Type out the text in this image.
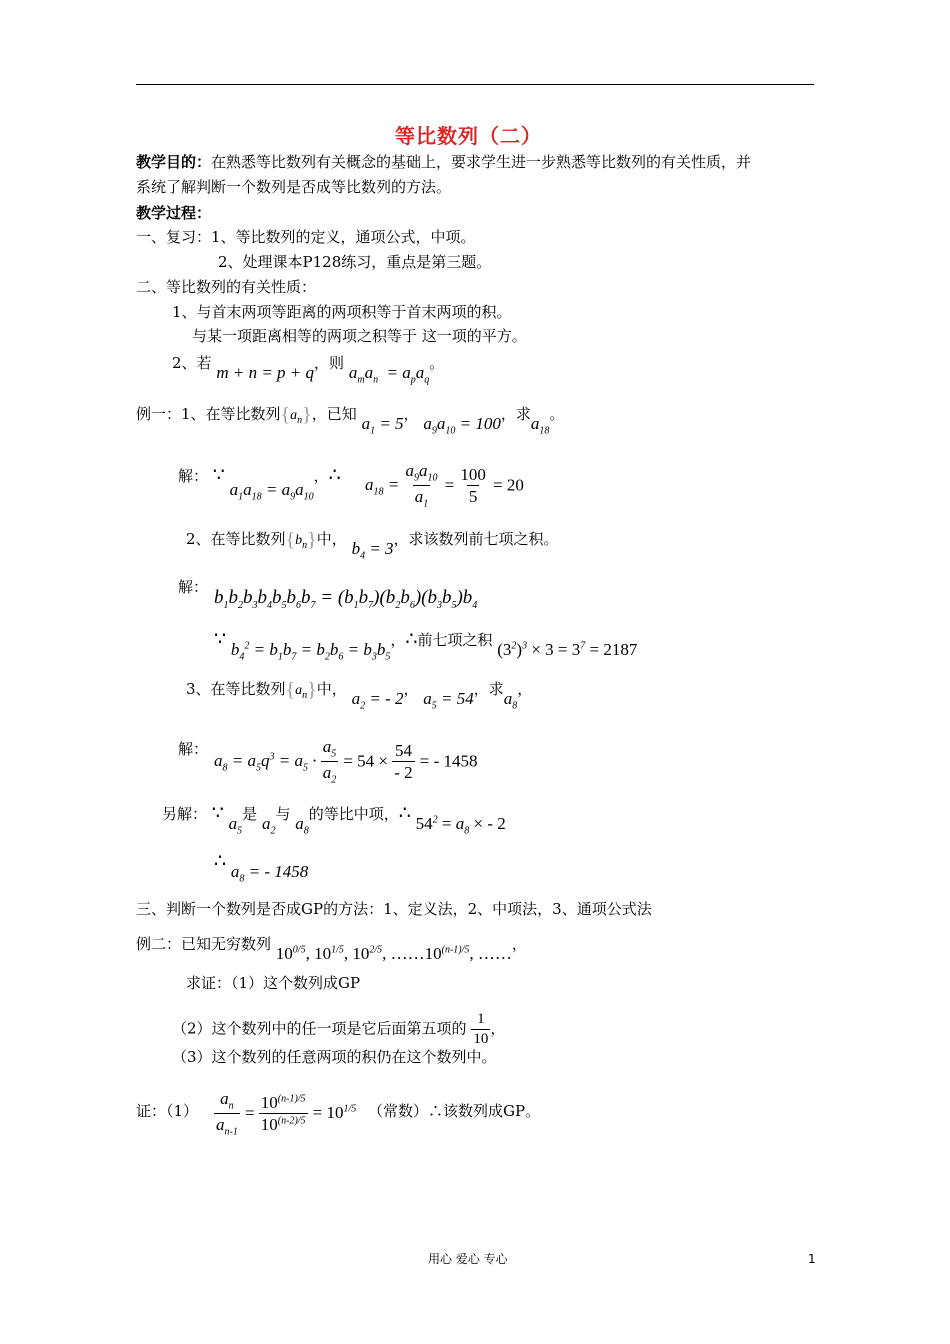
等比数列（二）
教学目的：在熟悉等比数列有关概念的基础上，要求学生进一步熟悉等比数列的有关性质，并
系统了解判断一个数列是否成等比数列的方法。
教学过程：
一、复习：1、等比数列的定义，通项公式，中项。
2、处理课本P128练习，重点是第三题。
二、等比数列的有关性质：
1、与首末两项等距离的两项积等于首末两项的积。
与某一项距离相等的两项之积等于 这一项的平方。
2、若 m + n = p + q，则 $a_ma_n = a_pa_q$。
例一：1、在等比数列 { $a_n$ } ，已知 $a_1 = 5$， $a_9a_{10} = 100$，求$a_{18}$。
解： ∵ $a_1a_{18} = a_9a_{10}$，∴ $a_{18} = \frac{a_9a_{10}}{a_1} = \frac{100}{5} = 20$
2、在等比数列 { $b_n$ } 中， $b_4 = 3$，求该数列前七项之积。
解： $b_1b_2b_3b_4b_5b_6b_7 = (b_1b_7)(b_2b_6)(b_3b_5)b_4$
∵ $b_4^2 = b_1b_7 = b_2b_6 = b_3b_5$，∴前七项之积 $(3^2)^3 \times 3 = 3^7 = 2187$
3、在等比数列 { $a_n$ } 中， $a_2$ = - 2， $a_5 = 54$，求$a_8$，
解：
$a_8 = a_5q^3 = a_5 \cdot \frac{a_5}{a_2} = 54 \times \frac{54}{- 2}$ = - 1458
另解： ∵ $a_5$是 $a_2$与 $a_8$的等比中项，∴ $54^2 = a_8$ × - 2
∴ $a_8$ = - 1458
三、判断一个数列是否成GP的方法：1、定义法，2、中项法，3、通项公式法
例二：已知无穷数列 $10^{0/5}$, $10^{1/5}$, $10^{2/5}$, $\dots\dots 10^{(n-1)/5}$, ……，
求证：（1）这个数列成GP
（2）这个数列中的任一项是它后面第五项的 $\frac{1}{10}$ ，
（3）这个数列的任意两项的积仍在这个数列中。
证：$(1) \frac{a_n}{a_{n-1}} = \frac{10^{(n-1)/5}}{10^{(n-2)/5}} = 10^{1/5}$ （常数）∴该数列成GP。
用心 爱心 专心	1
